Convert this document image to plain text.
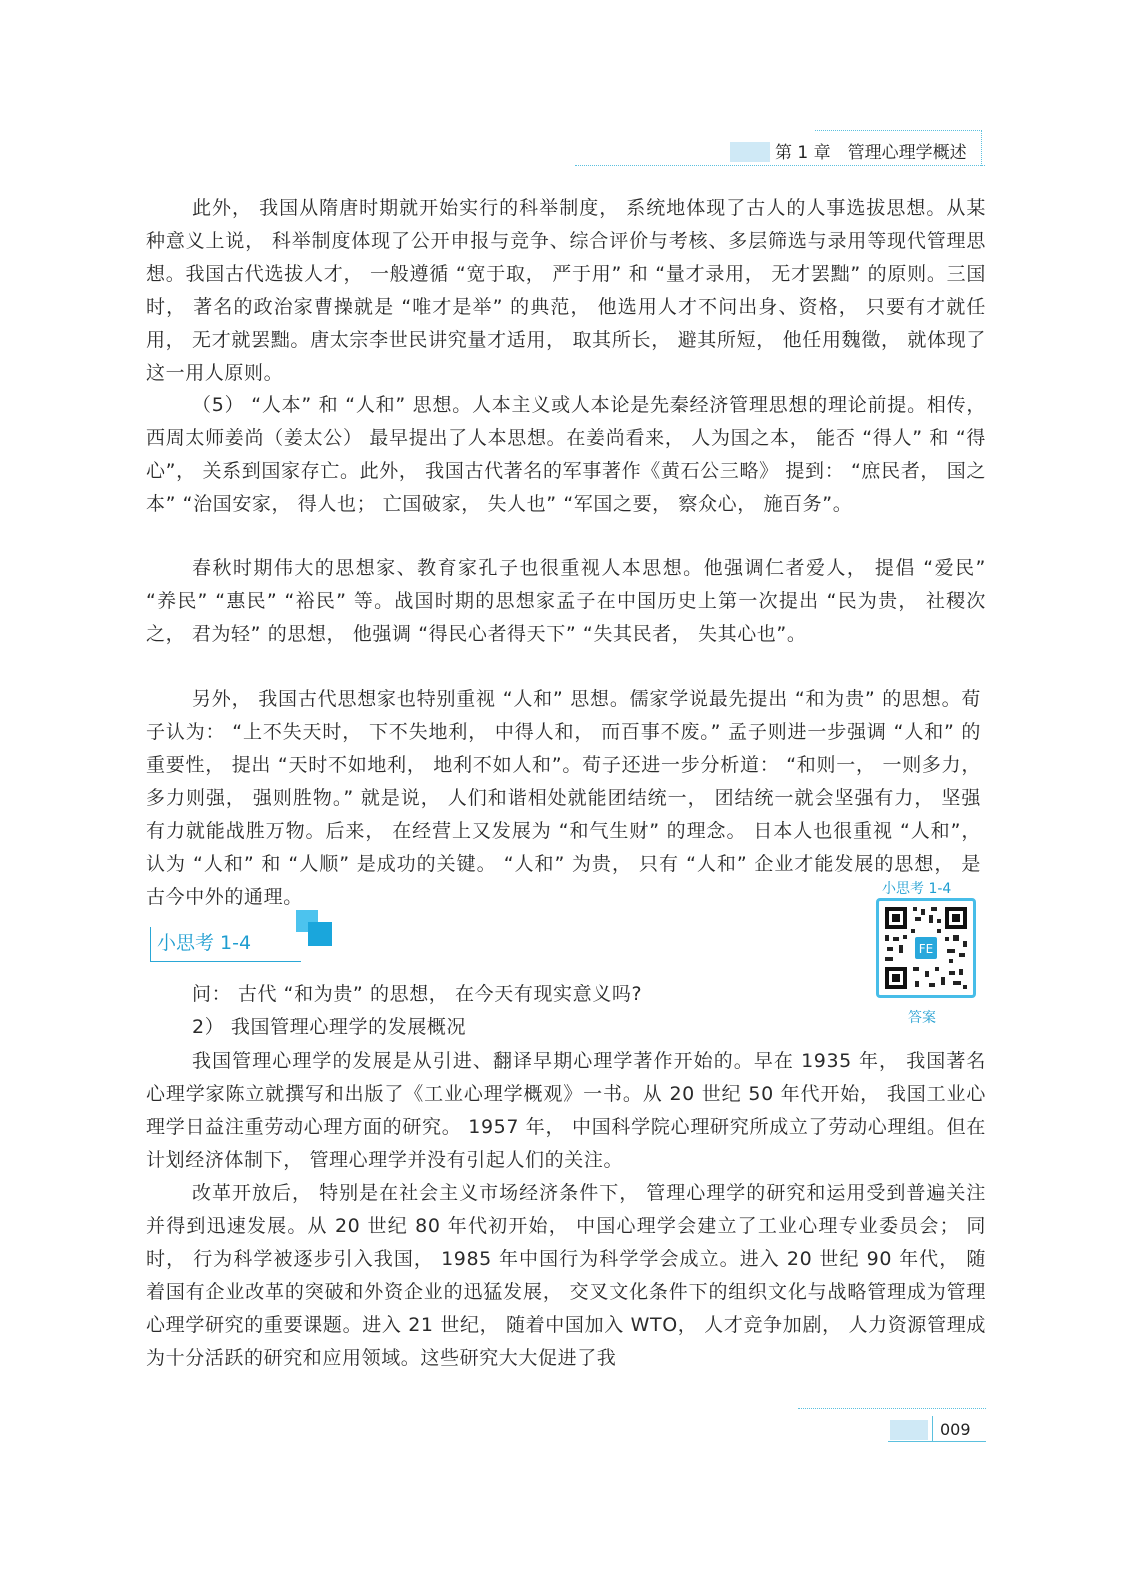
第 1 章　管理心理学概述

此外， 我国从隋唐时期就开始实行的科举制度， 系统地体现了古人的人事选拔思想。从某种意义上说， 科举制度体现了公开申报与竞争、综合评价与考核、多层筛选与录用等现代管理思想。我国古代选拔人才， 一般遵循 “宽于取， 严于用” 和 “量才录用， 无才罢黜” 的原则。三国时， 著名的政治家曹操就是 “唯才是举” 的典范， 他选用人才不问出身、资格， 只要有才就任用， 无才就罢黜。唐太宗李世民讲究量才适用， 取其所长， 避其所短， 他任用魏徵， 就体现了这一用人原则。

（5） “人本” 和 “人和” 思想。人本主义或人本论是先秦经济管理思想的理论前提。相传， 西周太师姜尚（姜太公） 最早提出了人本思想。在姜尚看来， 人为国之本， 能否 “得人” 和 “得心”， 关系到国家存亡。此外， 我国古代著名的军事著作《黄石公三略》 提到： “庶民者， 国之本” “治国安家， 得人也； 亡国破家， 失人也” “军国之要， 察众心， 施百务”。

春秋时期伟大的思想家、教育家孔子也很重视人本思想。他强调仁者爱人， 提倡 “爱民” “养民” “惠民” “裕民” 等。战国时期的思想家孟子在中国历史上第一次提出 “民为贵， 社稷次之， 君为轻” 的思想， 他强调 “得民心者得天下” “失其民者， 失其心也”。

另外， 我国古代思想家也特别重视 “人和” 思想。儒家学说最先提出 “和为贵” 的思想。荀子认为： “上不失天时， 下不失地利， 中得人和， 而百事不废。” 孟子则进一步强调 “人和” 的重要性， 提出 “天时不如地利， 地利不如人和”。荀子还进一步分析道： “和则一， 一则多力， 多力则强， 强则胜物。” 就是说， 人们和谐相处就能团结统一， 团结统一就会坚强有力， 坚强有力就能战胜万物。后来， 在经营上又发展为 “和气生财” 的理念。 日本人也很重视 “人和”， 认为 “人和” 和 “人顺” 是成功的关键。 “人和” 为贵， 只有 “人和” 企业才能发展的思想， 是古今中外的通理。

小思考 1-4
小思考 1-4
FE
答案

问： 古代 “和为贵” 的思想， 在今天有现实意义吗?

2） 我国管理心理学的发展概况

我国管理心理学的发展是从引进、翻译早期心理学著作开始的。早在 1935 年， 我国著名心理学家陈立就撰写和出版了《工业心理学概观》一书。从 20 世纪 50 年代开始， 我国工业心理学日益注重劳动心理方面的研究。 1957 年， 中国科学院心理研究所成立了劳动心理组。但在计划经济体制下， 管理心理学并没有引起人们的关注。

改革开放后， 特别是在社会主义市场经济条件下， 管理心理学的研究和运用受到普遍关注并得到迅速发展。从 20 世纪 80 年代初开始， 中国心理学会建立了工业心理专业委员会； 同时， 行为科学被逐步引入我国， 1985 年中国行为科学学会成立。进入 20 世纪 90 年代， 随着国有企业改革的突破和外资企业的迅猛发展， 交叉文化条件下的组织文化与战略管理成为管理心理学研究的重要课题。进入 21 世纪， 随着中国加入 WTO， 人才竞争加剧， 人力资源管理成为十分活跃的研究和应用领域。这些研究大大促进了我

009
